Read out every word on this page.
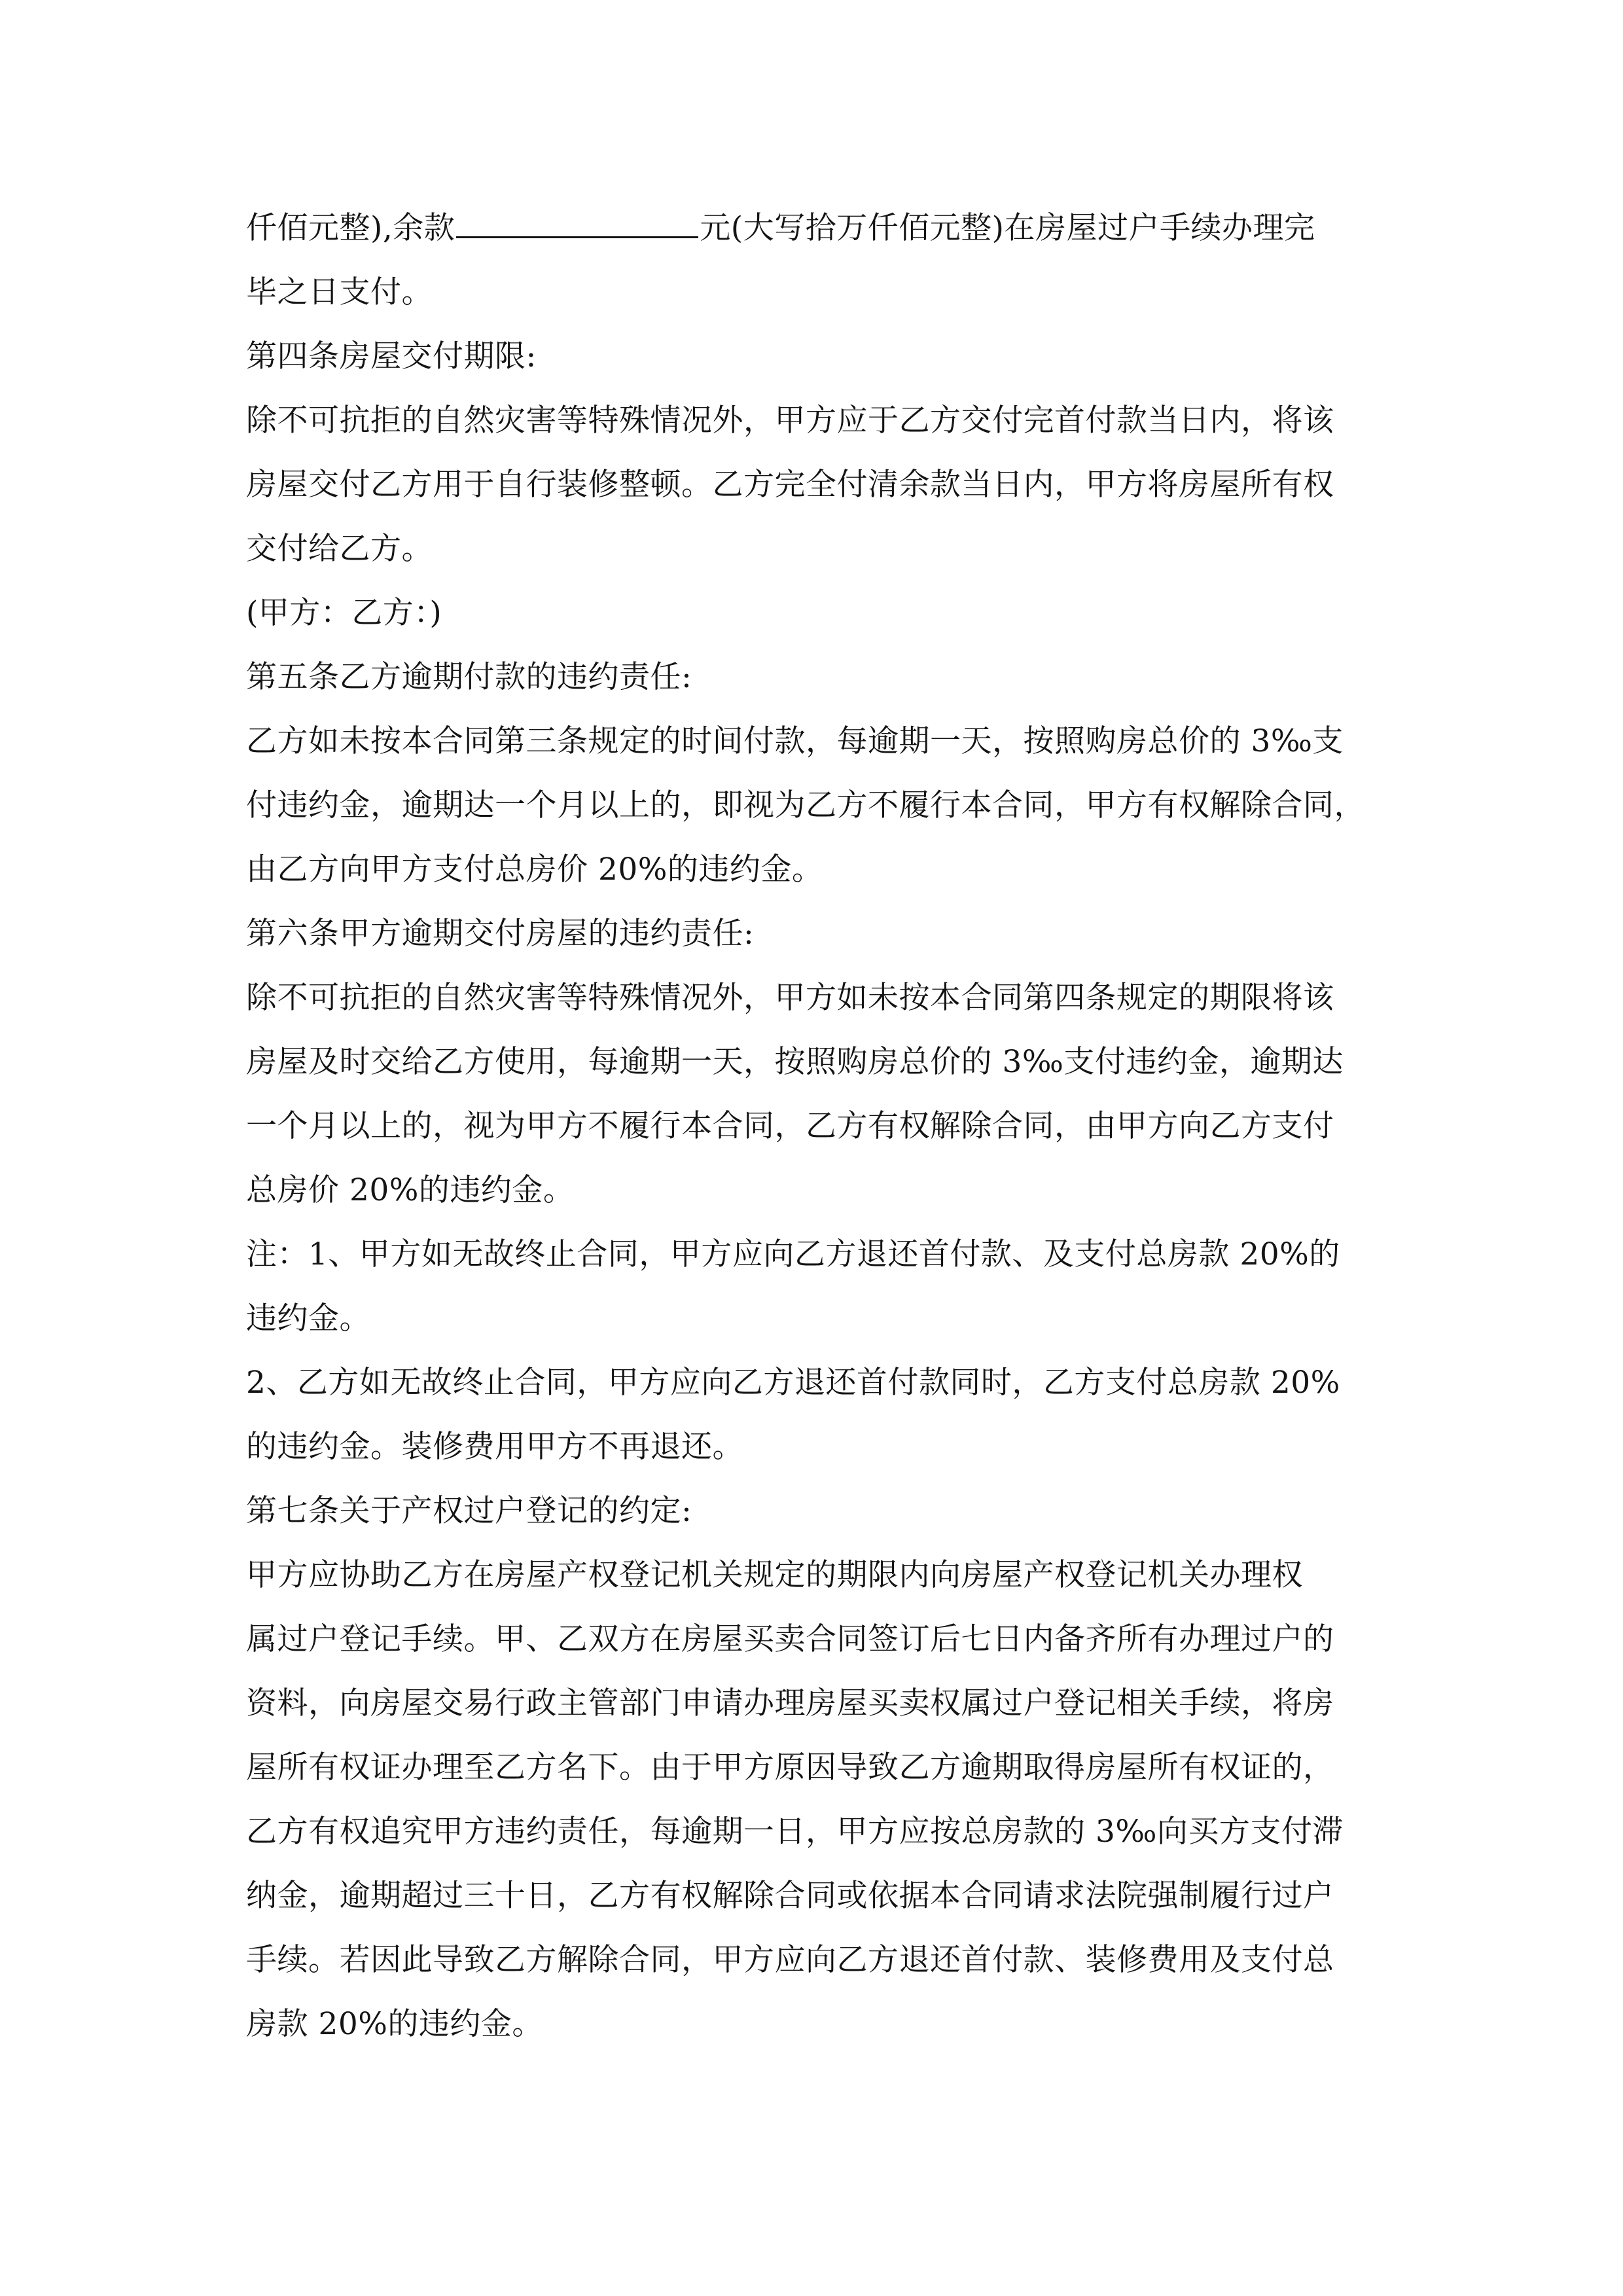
仟佰元整),余款	元(大写拾万仟佰元整)在房屋过户手续办理完
毕之日支付。
第四条房屋交付期限:
除不可抗拒的自然灾害等特殊情况外，甲方应于乙方交付完首付款当日内，将该
房屋交付乙方用于自行装修整顿。乙方完全付清余款当日内，甲方将房屋所有权
交付给乙方。
(甲方：乙方：)
第五条乙方逾期付款的违约责任:
乙方如未按本合同第三条规定的时间付款，每逾期一天，按照购房总价的 3‰支
付违约金，逾期达一个月以上的，即视为乙方不履行本合同，甲方有权解除合同，
由乙方向甲方支付总房价 20%的违约金。
第六条甲方逾期交付房屋的违约责任:
除不可抗拒的自然灾害等特殊情况外，甲方如未按本合同第四条规定的期限将该
房屋及时交给乙方使用，每逾期一天，按照购房总价的 3‰支付违约金，逾期达
一个月以上的，视为甲方不履行本合同，乙方有权解除合同，由甲方向乙方支付
总房价 20%的违约金。
注：1、甲方如无故终止合同，甲方应向乙方退还首付款、及支付总房款 20%的
违约金。
2、乙方如无故终止合同，甲方应向乙方退还首付款同时，乙方支付总房款 20%
的违约金。装修费用甲方不再退还。
第七条关于产权过户登记的约定:
甲方应协助乙方在房屋产权登记机关规定的期限内向房屋产权登记机关办理权
属过户登记手续。甲、乙双方在房屋买卖合同签订后七日内备齐所有办理过户的
资料，向房屋交易行政主管部门申请办理房屋买卖权属过户登记相关手续，将房
屋所有权证办理至乙方名下。由于甲方原因导致乙方逾期取得房屋所有权证的，
乙方有权追究甲方违约责任，每逾期一日，甲方应按总房款的 3‰向买方支付滞
纳金，逾期超过三十日，乙方有权解除合同或依据本合同请求法院强制履行过户
手续。若因此导致乙方解除合同，甲方应向乙方退还首付款、装修费用及支付总
房款 20%的违约金。
